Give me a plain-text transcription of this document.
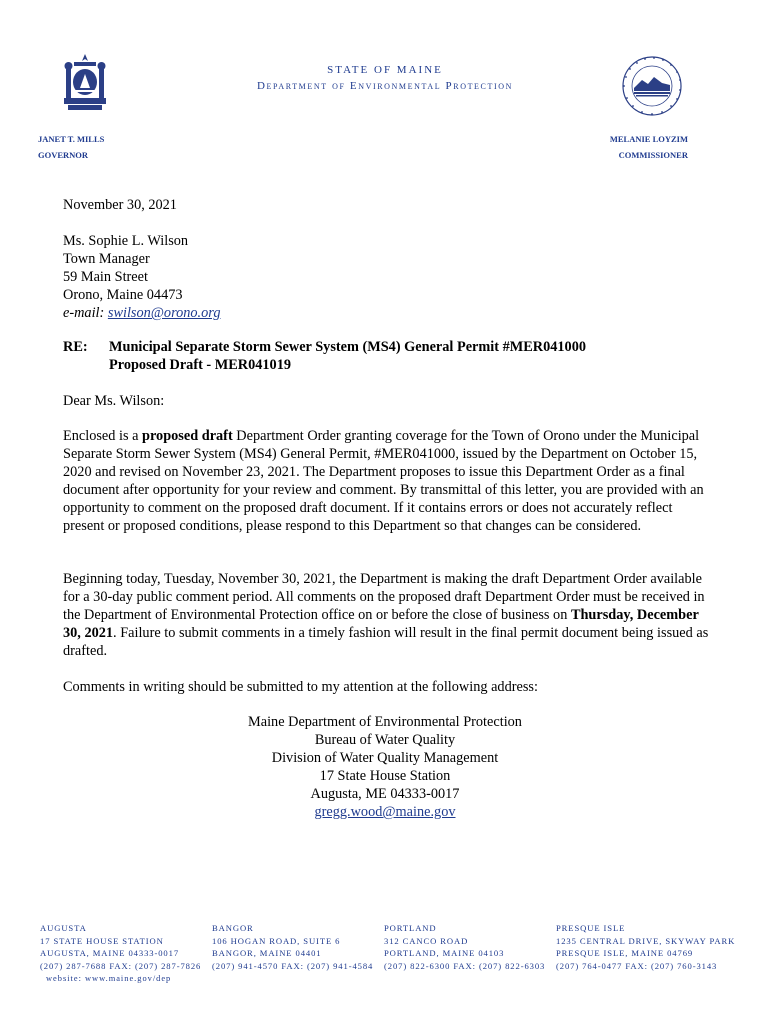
STATE OF MAINE
Department of Environmental Protection
JANET T. MILLS
GOVERNOR
MELANIE LOYZIM
COMMISSIONER
November 30, 2021
Ms. Sophie L. Wilson
Town Manager
59 Main Street
Orono, Maine 04473
e-mail: swilson@orono.org
RE: Municipal Separate Storm Sewer System (MS4) General Permit #MER041000
Proposed Draft - MER041019
Dear Ms. Wilson:
Enclosed is a proposed draft Department Order granting coverage for the Town of Orono under the Municipal Separate Storm Sewer System (MS4) General Permit, #MER041000, issued by the Department on October 15, 2020 and revised on November 23, 2021. The Department proposes to issue this Department Order as a final document after opportunity for your review and comment. By transmittal of this letter, you are provided with an opportunity to comment on the proposed draft document. If it contains errors or does not accurately reflect present or proposed conditions, please respond to this Department so that changes can be considered.
Beginning today, Tuesday, November 30, 2021, the Department is making the draft Department Order available for a 30-day public comment period. All comments on the proposed draft Department Order must be received in the Department of Environmental Protection office on or before the close of business on Thursday, December 30, 2021. Failure to submit comments in a timely fashion will result in the final permit document being issued as drafted.
Comments in writing should be submitted to my attention at the following address:
Maine Department of Environmental Protection
Bureau of Water Quality
Division of Water Quality Management
17 State House Station
Augusta, ME 04333-0017
gregg.wood@maine.gov
AUGUSTA
17 STATE HOUSE STATION
AUGUSTA, MAINE 04333-0017
(207) 287-7688 FAX: (207) 287-7826
BANGOR
106 HOGAN ROAD, SUITE 6
BANGOR, MAINE 04401
(207) 941-4570 FAX: (207) 941-4584
PORTLAND
312 CANCO ROAD
PORTLAND, MAINE 04103
(207) 822-6300 FAX: (207) 822-6303
PRESQUE ISLE
1235 CENTRAL DRIVE, SKYWAY PARK
PRESQUE ISLE, MAINE 04769
(207) 764-0477 FAX: (207) 760-3143
website: www.maine.gov/dep
